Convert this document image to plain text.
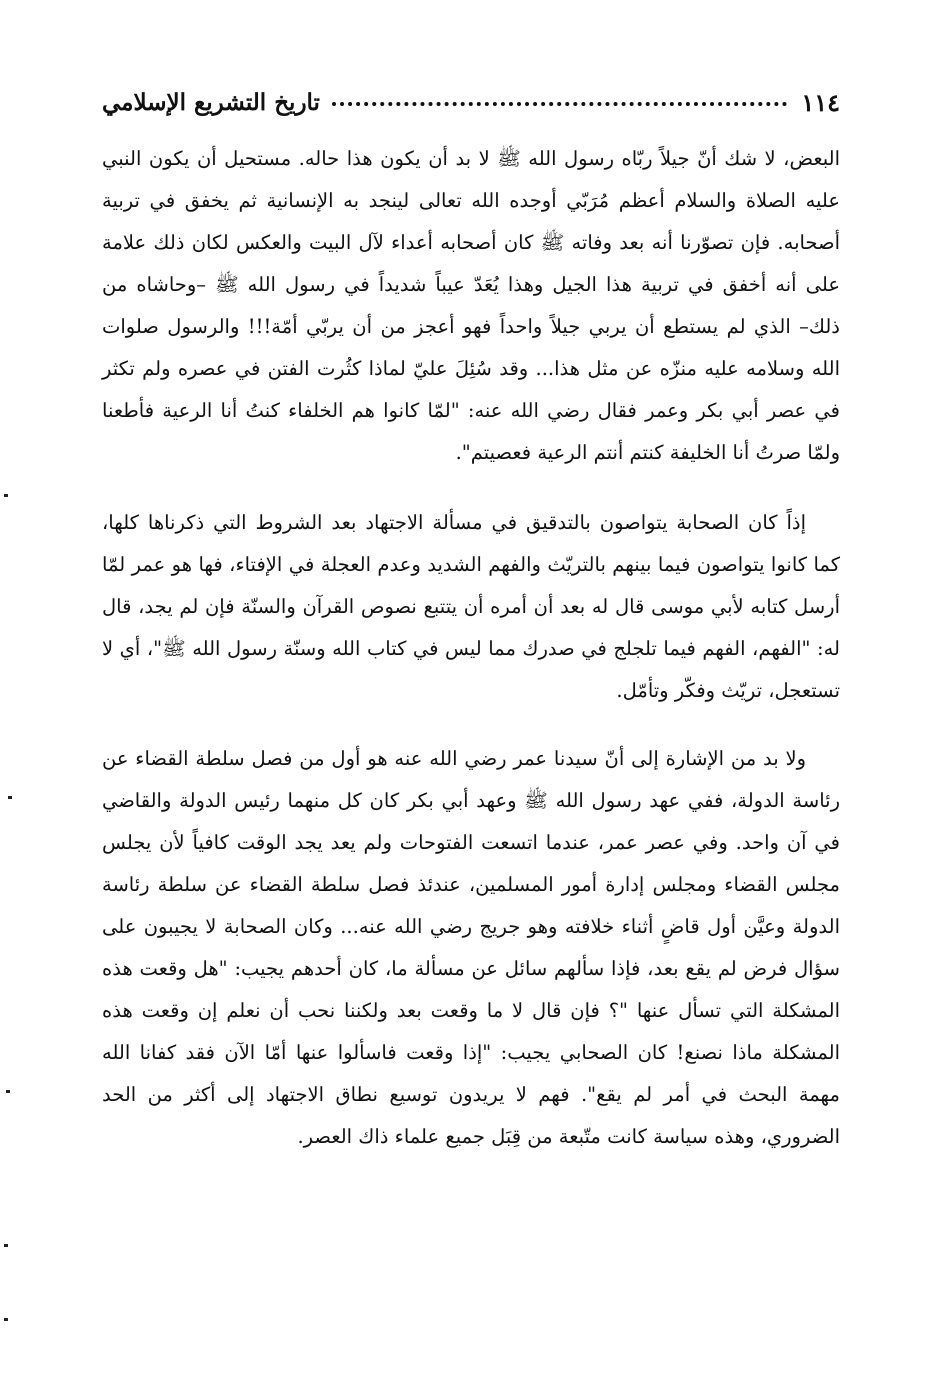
١١٤
تاريخ التشريع الإسلامي

البعض، لا شك أنّ جيلاً ربّاه رسول الله ﷺ لا بد أن يكون هذا حاله. مستحيل أن يكون النبي عليه الصلاة والسلام أعظم مُرَبّي أوجده الله تعالى لينجد به الإنسانية ثم يخفق في تربية أصحابه. فإن تصوّرنا أنه بعد وفاته ﷺ كان أصحابه أعداء لآل البيت والعكس لكان ذلك علامة على أنه أخفق في تربية هذا الجيل وهذا يُعَدّ عيباً شديداً في رسول الله ﷺ –وحاشاه من ذلك– الذي لم يستطع أن يربي جيلاً واحداً فهو أعجز من أن يربّي أمّة!!! والرسول صلوات الله وسلامه عليه منزّه عن مثل هذا... وقد سُئِلَ عليّ لماذا كثُرت الفتن في عصره ولم تكثر في عصر أبي بكر وعمر فقال رضي الله عنه: "لمّا كانوا هم الخلفاء كنتُ أنا الرعية فأطعنا ولمّا صرتُ أنا الخليفة كنتم أنتم الرعية فعصيتم".

إذاً كان الصحابة يتواصون بالتدقيق في مسألة الاجتهاد بعد الشروط التي ذكرناها كلها، كما كانوا يتواصون فيما بينهم بالتريّث والفهم الشديد وعدم العجلة في الإفتاء، فها هو عمر لمّا أرسل كتابه لأبي موسى قال له بعد أن أمره أن يتتبع نصوص القرآن والسنّة فإن لم يجد، قال له: "الفهم، الفهم فيما تلجلج في صدرك مما ليس في كتاب الله وسنّة رسول الله ﷺ"، أي لا تستعجل، تريّث وفكّر وتأمّل.

ولا بد من الإشارة إلى أنّ سيدنا عمر رضي الله عنه هو أول من فصل سلطة القضاء عن رئاسة الدولة، ففي عهد رسول الله ﷺ وعهد أبي بكر كان كل منهما رئيس الدولة والقاضي في آن واحد. وفي عصر عمر، عندما اتسعت الفتوحات ولم يعد يجد الوقت كافياً لأن يجلس مجلس القضاء ومجلس إدارة أمور المسلمين، عندئذ فصل سلطة القضاء عن سلطة رئاسة الدولة وعيَّن أول قاضٍ أثناء خلافته وهو جريج رضي الله عنه... وكان الصحابة لا يجيبون على سؤال فرض لم يقع بعد، فإذا سألهم سائل عن مسألة ما، كان أحدهم يجيب: "هل وقعت هذه المشكلة التي تسأل عنها "؟ فإن قال لا ما وقعت بعد ولكننا نحب أن نعلم إن وقعت هذه المشكلة ماذا نصنع! كان الصحابي يجيب: "إذا وقعت فاسألوا عنها أمّا الآن فقد كفانا الله مهمة البحث في أمر لم يقع". فهم لا يريدون توسيع نطاق الاجتهاد إلى أكثر من الحد الضروري، وهذه سياسة كانت متّبعة من قِبَل جميع علماء ذاك العصر.
